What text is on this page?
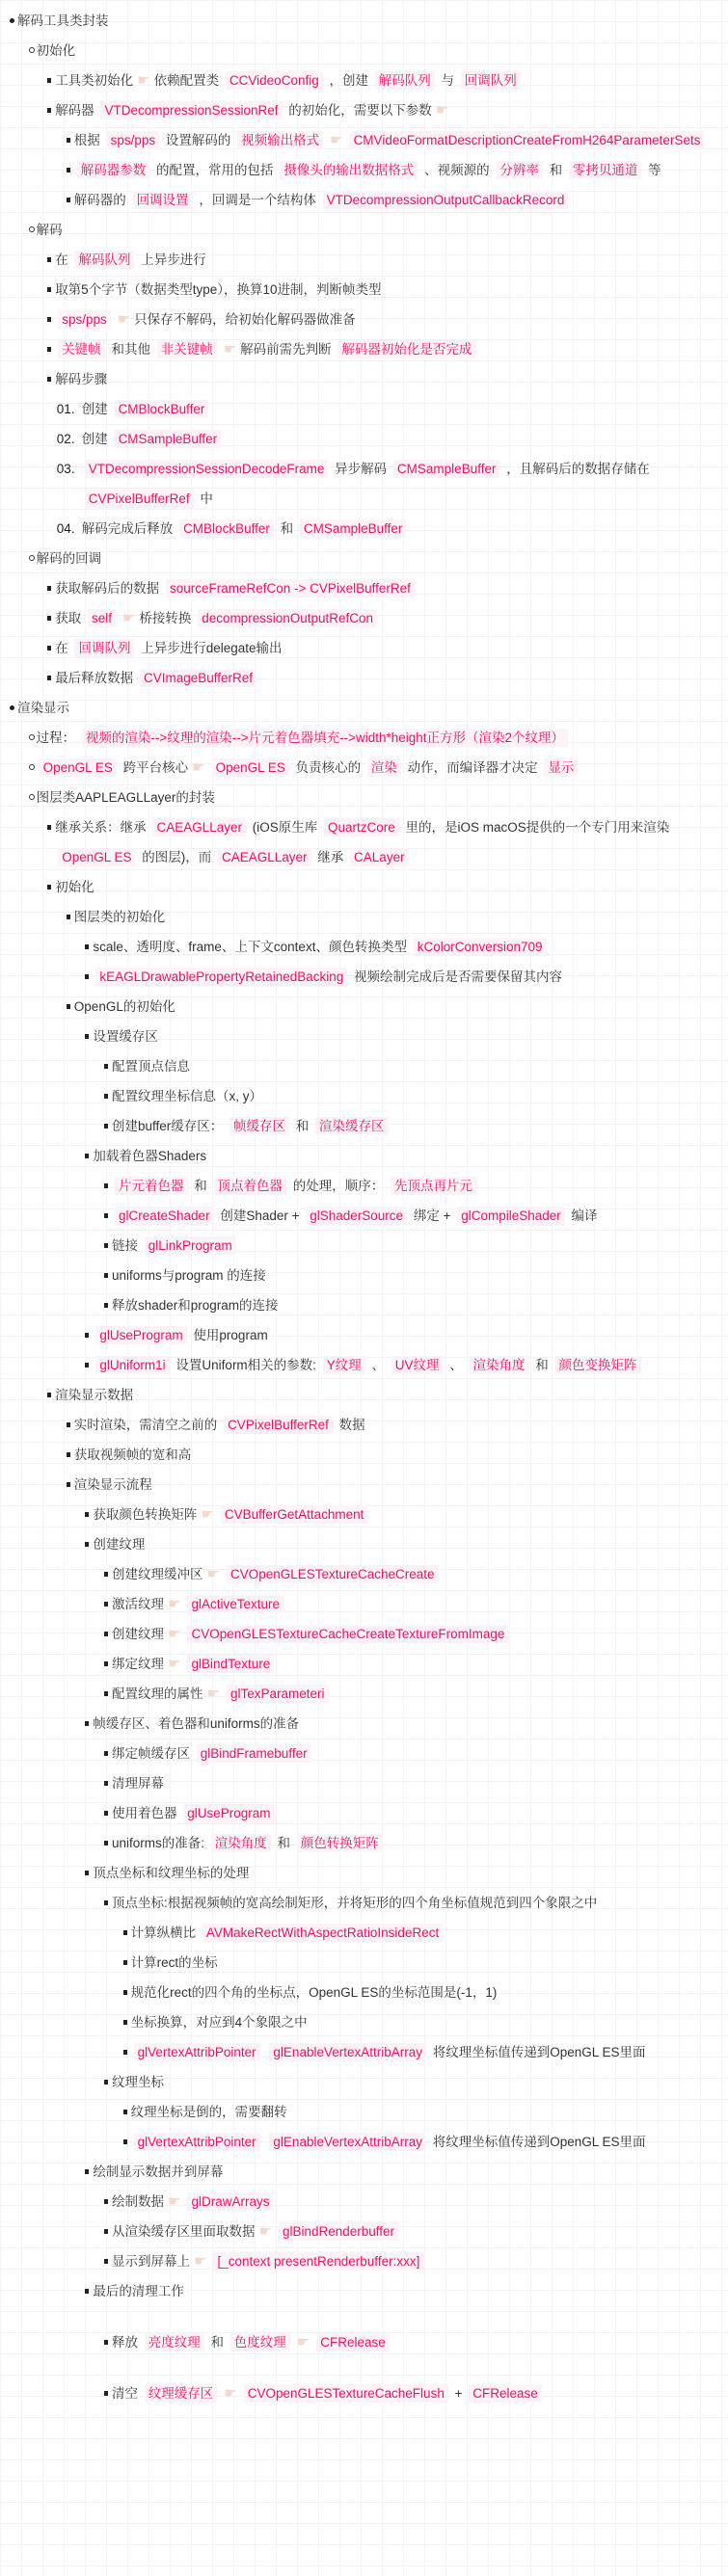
解码工具类封装
初始化
工具类初始化 ☛ 依赖配置类 CCVideoConfig ，创建 解码队列 与 回调队列
解码器 VTDecompressionSessionRef 的初始化，需要以下参数 ☛
根据 sps/pps 设置解码的 视频输出格式 ☛ CMVideoFormatDescriptionCreateFromH264ParameterSets
解码器参数 的配置，常用的包括 摄像头的输出数据格式 、视频源的 分辨率 和 零拷贝通道 等
解码器的 回调设置 ，回调是一个结构体 VTDecompressionOutputCallbackRecord
解码
在 解码队列 上异步进行
取第5个字节（数据类型type），换算10进制，判断帧类型
sps/pps ☛ 只保存不解码，给初始化解码器做准备
关键帧 和其他 非关键帧 ☛ 解码前需先判断 解码器初始化是否完成
解码步骤
01. 创建 CMBlockBuffer
02. 创建 CMSampleBuffer
03. VTDecompressionSessionDecodeFrame 异步解码 CMSampleBuffer ，且解码后的数据存储在 CVPixelBufferRef 中
04. 解码完成后释放 CMBlockBuffer 和 CMSampleBuffer
解码的回调
获取解码后的数据 sourceFrameRefCon -> CVPixelBufferRef
获取 self ☛ 桥接转换 decompressionOutputRefCon
在 回调队列 上异步进行delegate输出
最后释放数据 CVImageBufferRef
渲染显示
过程： 视频的渲染-->纹理的渲染-->片元着色器填充-->width*height正方形（渲染2个纹理）
OpenGL ES 跨平台核心 ☛ OpenGL ES 负责核心的 渲染 动作，而编译器才决定 显示
图层类AAPLEAGLLayer的封装
继承关系：继承 CAEAGLLayer (iOS原生库 QuartzCore 里的，是iOS macOS提供的一个专门用来渲染 OpenGL ES 的图层)，而 CAEAGLLayer 继承 CALayer
初始化
图层类的初始化
scale、透明度、frame、上下文context、颜色转换类型 kColorConversion709
kEAGLDrawablePropertyRetainedBacking 视频绘制完成后是否需要保留其内容
OpenGL的初始化
设置缓存区
配置顶点信息
配置纹理坐标信息（x, y）
创建buffer缓存区： 帧缓存区 和 渲染缓存区
加载着色器Shaders
片元着色器 和 顶点着色器 的处理，顺序： 先顶点再片元
glCreateShader 创建Shader + glShaderSource 绑定 + glCompileShader 编译
链接 glLinkProgram
uniforms与program 的连接
释放shader和program的连接
glUseProgram 使用program
glUniform1i 设置Uniform相关的参数: Y纹理 、 UV纹理 、 渲染角度 和 颜色变换矩阵
渲染显示数据
实时渲染，需清空之前的 CVPixelBufferRef 数据
获取视频帧的宽和高
渲染显示流程
获取颜色转换矩阵 ☛ CVBufferGetAttachment
创建纹理
创建纹理缓冲区 ☛ CVOpenGLESTextureCacheCreate
激活纹理 ☛ glActiveTexture
创建纹理 ☛ CVOpenGLESTextureCacheCreateTextureFromImage
绑定纹理 ☛ glBindTexture
配置纹理的属性 ☛ glTexParameteri
帧缓存区、着色器和uniforms的准备
绑定帧缓存区 glBindFramebuffer
清理屏幕
使用着色器 glUseProgram
uniforms的准备: 渲染角度 和 颜色转换矩阵
顶点坐标和纹理坐标的处理
顶点坐标:根据视频帧的宽高绘制矩形，并将矩形的四个角坐标值规范到四个象限之中
计算纵横比 AVMakeRectWithAspectRatioInsideRect
计算rect的坐标
规范化rect的四个角的坐标点，OpenGL ES的坐标范围是(-1，1)
坐标换算，对应到4个象限之中
glVertexAttribPointer glEnableVertexAttribArray 将纹理坐标值传递到OpenGL ES里面
纹理坐标
纹理坐标是倒的，需要翻转
glVertexAttribPointer glEnableVertexAttribArray 将纹理坐标值传递到OpenGL ES里面
绘制显示数据并到屏幕
绘制数据 ☛ glDrawArrays
从渲染缓存区里面取数据 ☛ glBindRenderbuffer
显示到屏幕上 ☛ [_context presentRenderbuffer:xxx]
最后的清理工作
释放 亮度纹理 和 色度纹理 ☛ CFRelease
清空 纹理缓存区 ☛ CVOpenGLESTextureCacheFlush + CFRelease
